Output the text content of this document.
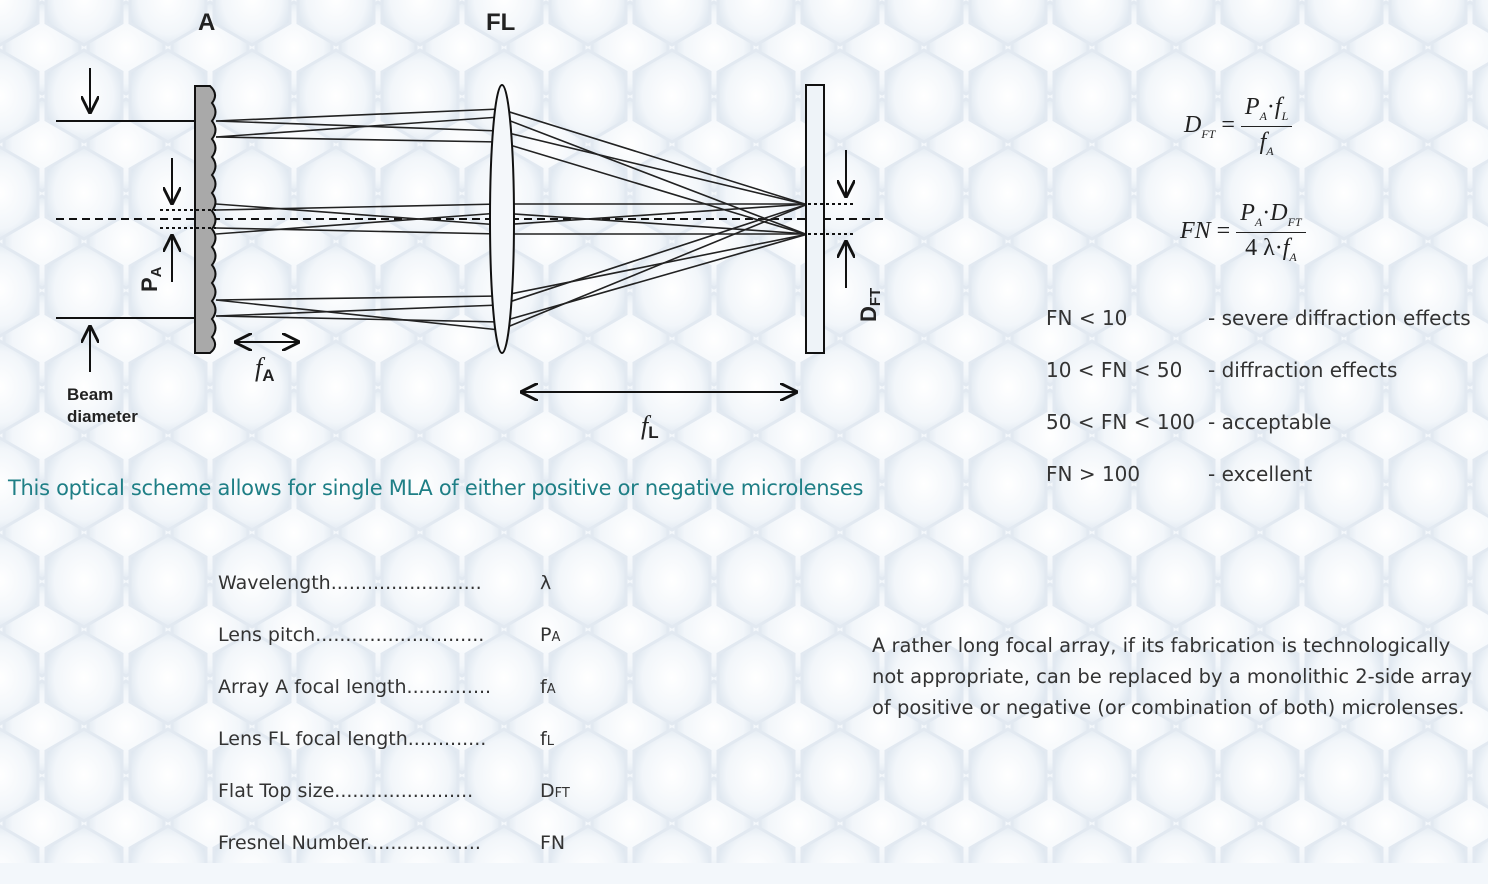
A	FL
Beam
diameter
PA
fA
fL
DFT
$D_{FT} = \frac{P_A\cdot f_L}{f_A}$
FN = $\frac{P_A\cdot D_{FT}}{4 \lambda\cdot f_A}$
FN < 10	- severe diffraction effects
10 < FN < 50 - diffraction effects
50 < FN < 100 - acceptable
FN > 100	- excellent
This optical scheme allows for single MLA of either positive or negative microlenses
Wavelength.........................	λ
Lens pitch............................	PA
Array A focal length..............	fA
Lens FL focal length.............	fL
Flat Top size.......................	DFT
Fresnel Number...................	FN
A rather long focal array, if its fabrication is technologically not appropriate, can be replaced by a monolithic 2-side array of positive or negative (or combination of both) microlenses.
